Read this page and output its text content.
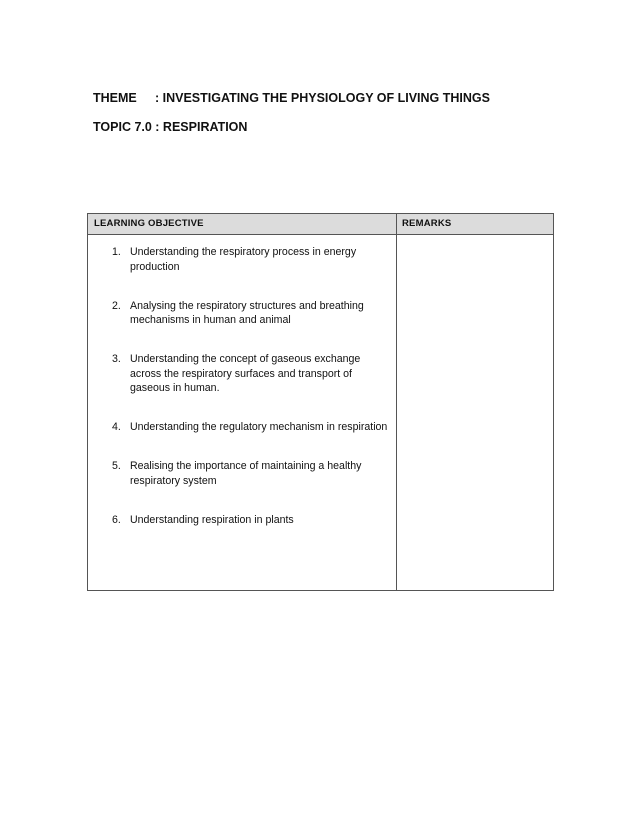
THEME : INVESTIGATING THE PHYSIOLOGY OF LIVING THINGS
TOPIC 7.0 : RESPIRATION
LEARNING OBJECTIVE	REMARKS
1. Understanding the respiratory process in energy production
2. Analysing the respiratory structures and breathing mechanisms in human and animal
3. Understanding the concept of gaseous exchange across the respiratory surfaces and transport of gaseous in human.
4. Understanding the regulatory mechanism in respiration
5. Realising the importance of maintaining a healthy respiratory system
6. Understanding respiration in plants
